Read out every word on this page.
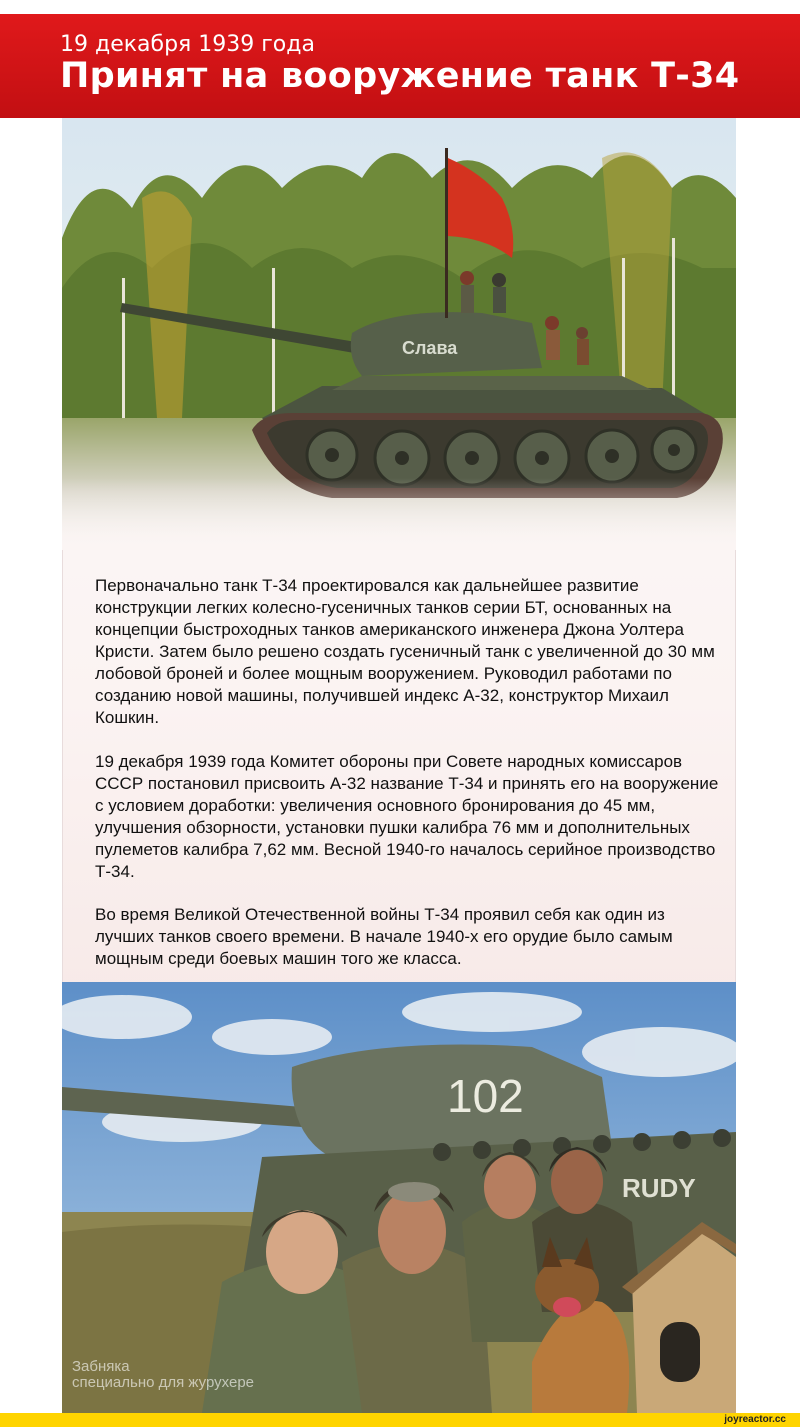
19 декабря 1939 года
Принят на вооружение танк Т-34
Слава
Первоначально танк Т-34 проектировался как дальнейшее развитие конструкции легких колесно-гусеничных танков серии БТ, основанных на концепции быстроходных танков американского инженера Джона Уолтера Кристи. Затем было решено создать гусеничный танк с увеличенной до 30 мм лобовой броней и более мощным вооружением. Руководил работами по созданию новой машины, получившей индекс А-32, конструктор Михаил Кошкин.
19 декабря 1939 года Комитет обороны при Совете народных комиссаров СССР постановил присвоить А-32 название Т-34 и принять его на вооружение с условием доработки: увеличения основного бронирования до 45 мм, улучшения обзорности, установки пушки калибра 76 мм и дополнительных пулеметов калибра 7,62 мм. Весной 1940-го началось серийное производство Т-34.
Во время Великой Отечественной войны Т-34 проявил себя как один из лучших танков своего времени. В начале 1940-х его орудие было самым мощным среди боевых машин того же класса.
102
RUDY
Забняка
специально для журухере
joyreactor.cc
